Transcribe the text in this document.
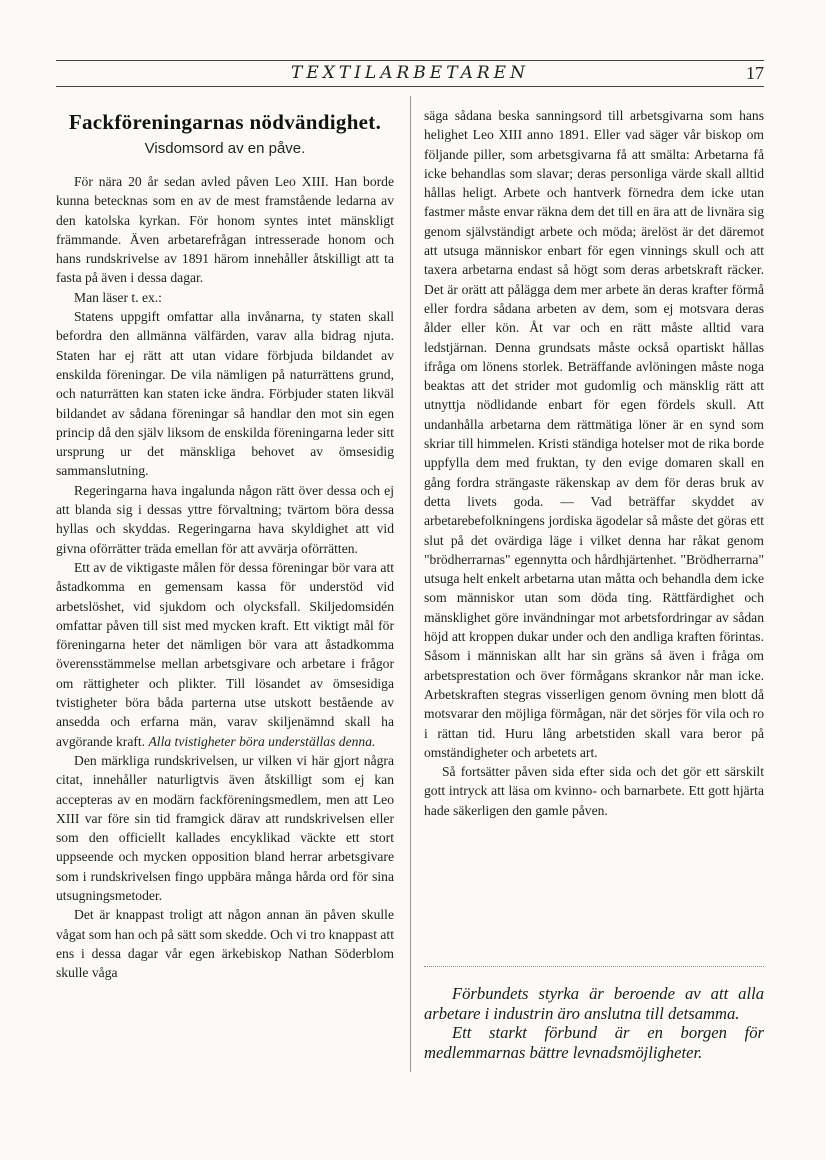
TEXTILARBETAREN	17
Fackföreningarnas nödvändighet.
Visdomsord av en påve.

För nära 20 år sedan avled påven Leo XIII. Han borde kunna betecknas som en av de mest framstående ledarna av den katolska kyrkan. För honom syntes intet mänskligt främmande. Även arbetarefrågan intresserade honom och hans rundskrivelse av 1891 härom innehåller åtskilligt att ta fasta på även i dessa dagar.

Man läser t. ex.:

Statens uppgift omfattar alla invånarna, ty staten skall befordra den allmänna välfärden, varav alla bidrag njuta. Staten har ej rätt att utan vidare förbjuda bildandet av enskilda föreningar. De vila nämligen på naturrättens grund, och naturrätten kan staten icke ändra. Förbjuder staten likväl bildandet av sådana föreningar så handlar den mot sin egen princip då den själv liksom de enskilda föreningarna leder sitt ursprung ur det mänskliga behovet av ömsesidig sammanslutning.

Regeringarna hava ingalunda någon rätt över dessa och ej att blanda sig i dessas yttre förvaltning; tvärtom böra dessa hyllas och skyddas. Regeringarna hava skyldighet att vid givna oförrätter träda emellan för att avvärja oförrätten.

Ett av de viktigaste målen för dessa föreningar bör vara att åstadkomma en gemensam kassa för understöd vid arbetslöshet, vid sjukdom och olycksfall. Skiljedomsidén omfattar påven till sist med mycken kraft. Ett viktigt mål för föreningarna heter det nämligen bör vara att åstadkomma överensstämmelse mellan arbetsgivare och arbetare i frågor om rättigheter och plikter. Till lösandet av ömsesidiga tvistigheter böra båda parterna utse utskott bestående av ansedda och erfarna män, varav skiljenämnd skall ha avgörande kraft. Alla tvistigheter böra underställas denna.

Den märkliga rundskrivelsen, ur vilken vi här gjort några citat, innehåller naturligtvis även åtskilligt som ej kan accepteras av en modärn fackföreningsmedlem, men att Leo XIII var före sin tid framgick därav att rundskrivelsen eller som den officiellt kallades encyklikad väckte ett stort uppseende och mycken opposition bland herrar arbetsgivare som i rundskrivelsen fingo uppbära många hårda ord för sina utsugningsmetoder.

Det är knappast troligt att någon annan än påven skulle vågat som han och på sätt som skedde. Och vi tro knappast att ens i dessa dagar vår egen ärkebiskop Nathan Söderblom skulle våga

säga sådana beska sanningsord till arbetsgivarna som hans helighet Leo XIII anno 1891. Eller vad säger vår biskop om följande piller, som arbetsgivarna få att smälta: Arbetarna få icke behandlas som slavar; deras personliga värde skall alltid hållas heligt. Arbete och hantverk förnedra dem icke utan fastmer måste envar räkna dem det till en ära att de livnära sig genom självständigt arbete och möda; ärelöst är det däremot att utsuga människor enbart för egen vinnings skull och att taxera arbetarna endast så högt som deras arbetskraft räcker. Det är orätt att pålägga dem mer arbete än deras krafter förmå eller fordra sådana arbeten av dem, som ej motsvara deras ålder eller kön. Åt var och en rätt måste alltid vara ledstjärnan. Denna grundsats måste också opartiskt hållas ifråga om lönens storlek. Beträffande avlöningen måste noga beaktas att det strider mot gudomlig och mänsklig rätt att utnyttja nödlidande enbart för egen fördels skull. Att undanhålla arbetarna dem rättmätiga löner är en synd som skriar till himmelen. Kristi ständiga hotelser mot de rika borde uppfylla dem med fruktan, ty den evige domaren skall en gång fordra strängaste räkenskap av dem för deras bruk av detta livets goda. — Vad beträffar skyddet av arbetarebefolkningens jordiska ägodelar så måste det göras ett slut på det ovärdiga läge i vilket denna har råkat genom "brödherrarnas" egennytta och hårdhjärtenhet. "Brödherrarna" utsuga helt enkelt arbetarna utan måtta och behandla dem icke som människor utan som döda ting. Rättfärdighet och mänsklighet göre invändningar mot arbetsfordringar av sådan höjd att kroppen dukar under och den andliga kraften förintas. Såsom i människan allt har sin gräns så även i fråga om arbetsprestation och över förmågans skrankor når man icke. Arbetskraften stegras visserligen genom övning men blott då motsvarar den möjliga förmågan, när det sörjes för vila och ro i rättan tid. Huru lång arbetstiden skall vara beror på omständigheter och arbetets art.

Så fortsätter påven sida efter sida och det gör ett särskilt gott intryck att läsa om kvinno- och barnarbete. Ett gott hjärta hade säkerligen den gamle påven.

Förbundets styrka är beroende av att alla arbetare i industrin äro anslutna till detsamma.

Ett starkt förbund är en borgen för medlemmarnas bättre levnadsmöjligheter.
